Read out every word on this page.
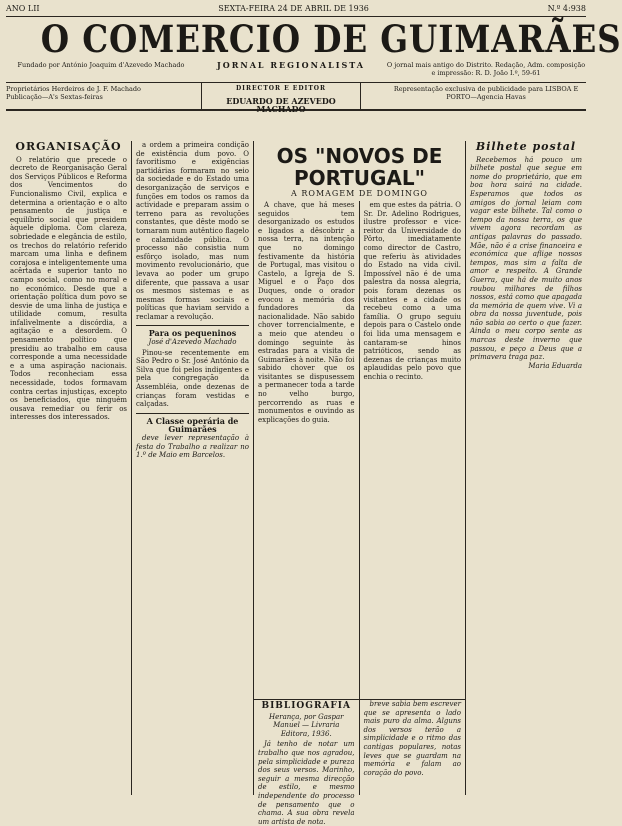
ANO LII	SEXTA-FEIRA 24 DE ABRIL DE 1936	N.º 4:938
O COMERCIO DE GUIMARÃES
Fundado por António Joaquim d'Azevedo Machado	JORNAL REGIONALISTA	O jornal mais antigo do Distrito. Redação, Adm. composição e impressão: R. D. João I.º, 59-61
Proprietários Herdeiros de J. F. Machado
Publicação—A's Sextas-feiras
DIRECTOR E EDITOR
EDUARDO DE AZEVEDO MACHADO
Representação exclusiva de publicidade para LISBOA E PORTO—Agencia Havas
ORGANISAÇÃO

O relatório que precede o decreto de Reorganisação Geral dos Serviços Públicos e Reforma dos Vencimentos do Funcionalismo Civil, explica e determina a orientação e o alto pensamento de justiça e equilíbrio social que presidem àquele diploma. Com clareza, sobriedade e elegância de estilo, os trechos do relatório referido marcam uma linha e definem corajosa e inteligentemente uma acêrtada e superior tanto no campo social, como no moral e no económico. Desde que a orientação política dum povo se desvie de uma linha de justiça e utilidade comum, resulta infalìvelmente a discórdia, a agitação e a desordem. O pensamento político que presidiu ao trabalho em causa corresponde a uma necessidade e a uma aspiração nacionais. Todos reconheciam essa necessidade, todos formavam contra certas injustiças, excepto os beneficiados, que ninguém ousava remediar ou ferir os interesses dos interessados.

a ordem a primeira condição de existência dum povo. O favoritismo e exigências partidárias formaram no seio da sociedade e do Estado uma desorganização de serviços e funções em todos os ramos da actividade e preparam assim o terreno para as revoluções constantes, que dêste modo se tornaram num autêntico flagelo e calamidade pública. O processo não consistia num esfôrço isolado, mas num movimento revolucionário, que levava ao poder um grupo diferente, que passava a usar os mesmos sistemas e as mesmas formas sociais e políticas que haviam servido a reclamar a revolução.

Para os pequeninos
José d'Azevedo Machado

Pinou-se recentemente em São Pedro o Sr. José António da Silva que foi pelos indigentes e pela congregação da Assembléia, onde dezenas de crianças foram vestidas e calçadas.

A Classe operária de Guimarães

deve lever representação à festa do Trabalho a realizar no 1.º de Maio em Barcelos.

OS "NOVOS DE PORTUGAL"
A ROMAGEM DE DOMINGO

A chave, que há meses seguidos tem desorganizado os estudos e ligados a dêscobrir a nossa terra, na intenção que no domingo festivamente da história de Portugal, mas visitou o Castelo, a Igreja de S. Miguel e o Paço dos Duques, onde o orador evocou a memória dos fundadores da nacionalidade. Não sabido chover torrencialmente, e a meio que atendeu o domingo seguinte às estradas para a visita de Guimarães à noite. Não foi sabido chover que os visitantes se dispusessem a permanecer toda a tarde no velho burgo, percorrendo as ruas e monumentos e ouvindo as explicações do guia.

em que estes da pátria. O Sr. Dr. Adelino Rodrigues, ilustre professor e vice-reitor da Universidade do Pôrto, imediatamente como director de Castro, que referiu às atividades do Estado na vida civil. Impossível não é de uma palestra da nossa alegria, pois foram dezenas os visitantes e a cidade os recebeu como a uma família. O grupo seguiu depois para o Castelo onde foi lida uma mensagem e cantaram-se hinos patrióticos, sendo as dezenas de crianças muito aplaudidas pelo povo que enchia o recinto.

BIBLIOGRAFIA
Herança, por Gaspar Manuel — Livraria Editora, 1936.

Já tenho de notar um trabalho que nos agradou, pela simplicidade e pureza dos seus versos. Marinho, seguir a mesma direcção de estilo, e mesmo independente do processo de pensamento que o chama. A sua obra revela um artista de nota.

breve sabia bem escrever que se apresenta o lado mais puro da alma. Alguns dos versos terão a simplicidade e o ritmo das cantigas populares, notas leves que se guardam na memória e falam ao coração do povo.

Bilhete postal

Recebemos há pouco um bilhete postal que segue em nome do proprietário, que em boa hora sairá na cidade. Esperamos que todos os amigos do jornal leiam com vagar este bilhete. Tal como o tempo da nossa terra, os que vivem agora recordam as antigas palavras do passado. Mãe, não é a crise financeira e económica que aflige nossos tempos, mas sim a falta de amor e respeito. A Grande Guerra, que há de muito anos roubou milhares de filhos nossos, está como que apagada da memória de quem vive. Vi a obra da nossa juventude, pois não sabia ao certo o que fazer. Ainda o meu corpo sente as marcas deste inverno que passou, e peço a Deus que a primavera traga paz.

Maria Eduarda
